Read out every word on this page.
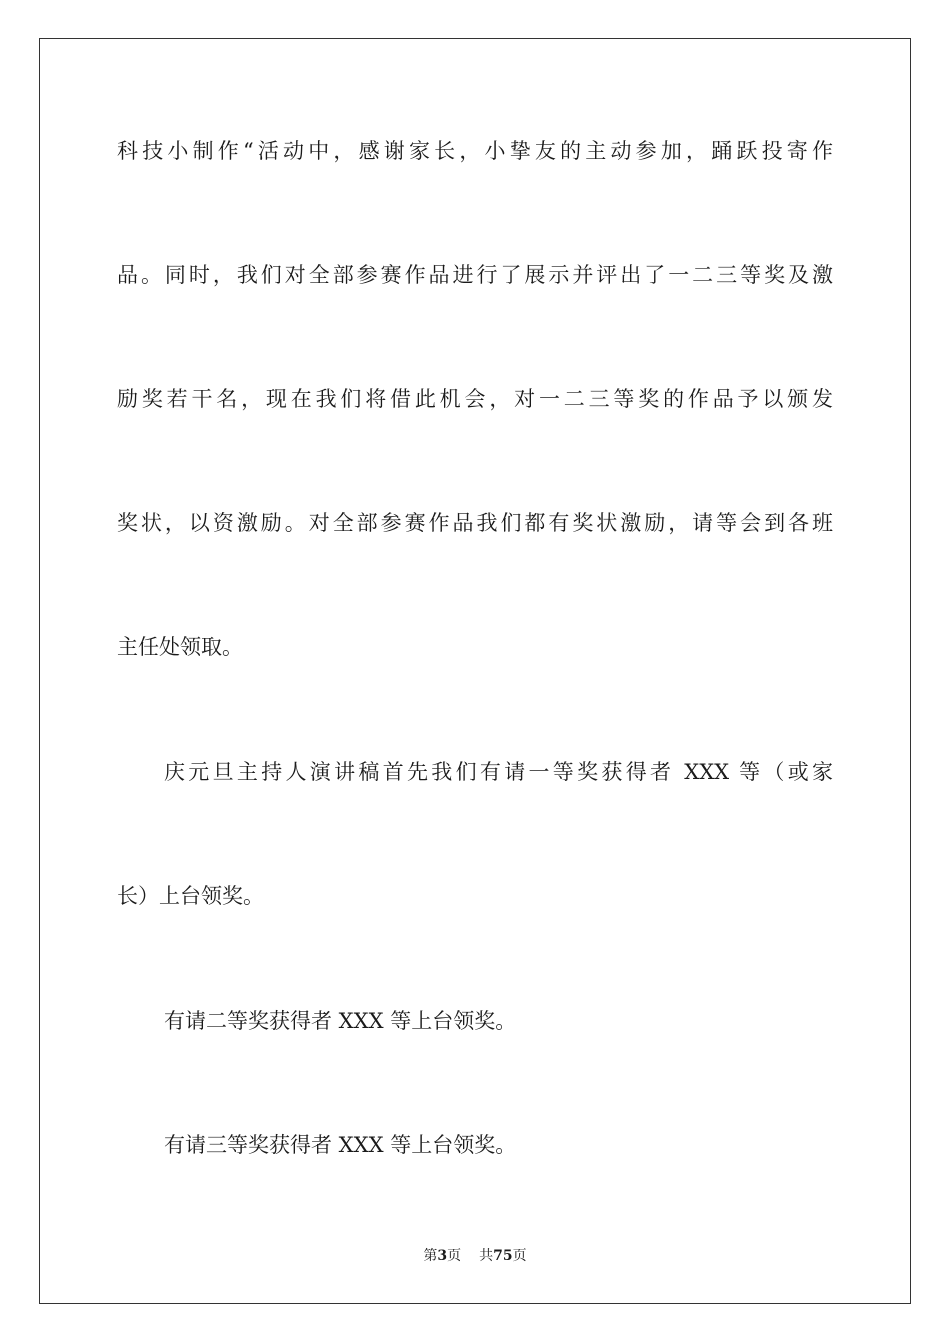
科技小制作“活动中，感谢家长，小挚友的主动参加，踊跃投寄作

品。同时，我们对全部参赛作品进行了展示并评出了一二三等奖及激

励奖若干名，现在我们将借此机会，对一二三等奖的作品予以颁发

奖状，以资激励。对全部参赛作品我们都有奖状激励，请等会到各班

主任处领取。

庆元旦主持人演讲稿首先我们有请一等奖获得者 XXX 等（或家

长）上台领奖。

有请二等奖获得者 XXX 等上台领奖。

有请三等奖获得者 XXX 等上台领奖。

第3页 共75页
